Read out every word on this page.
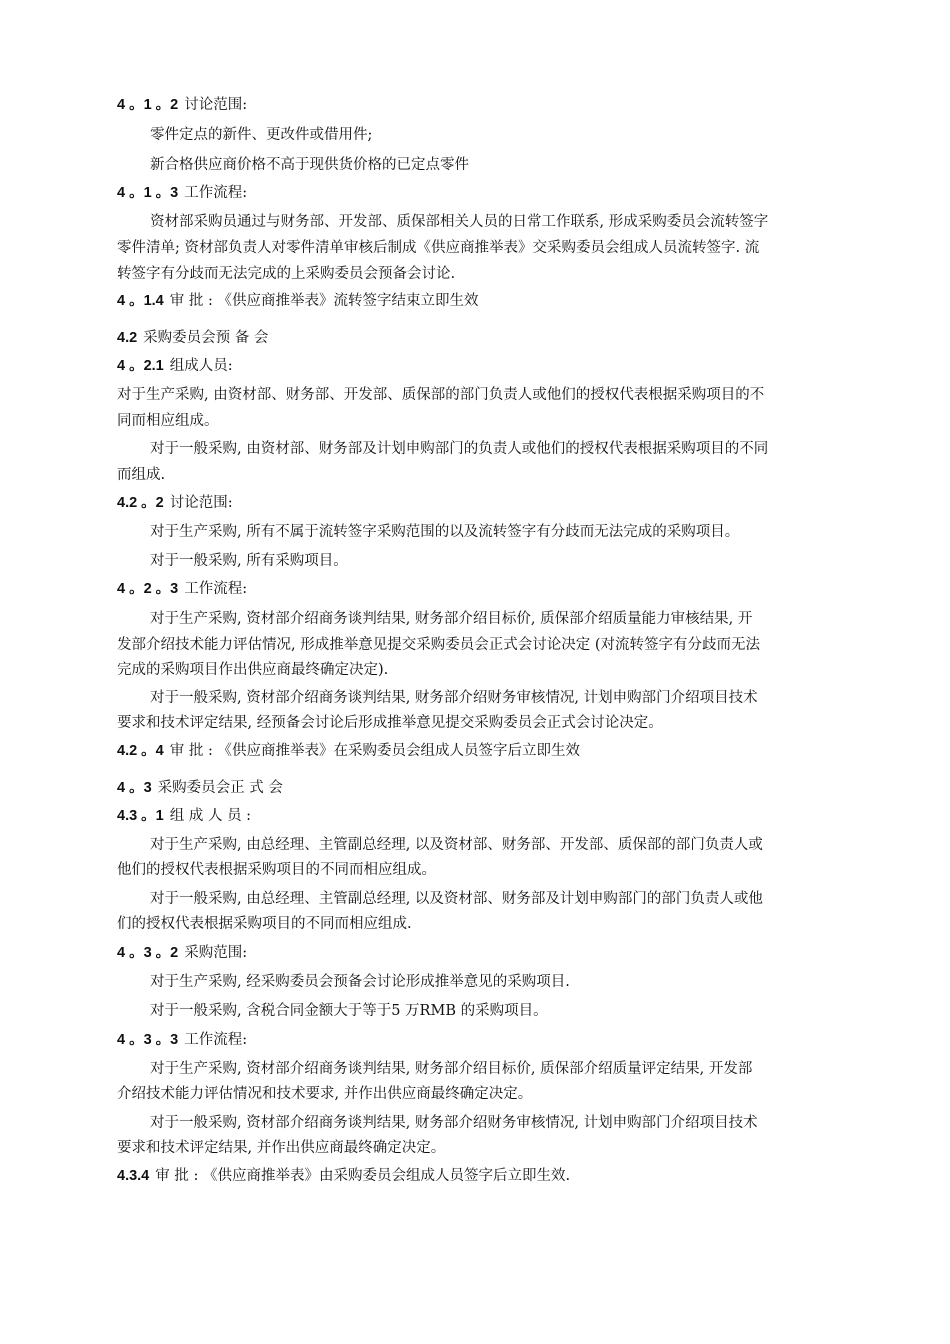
4 。1 。2 讨论范围:
零件定点的新件、更改件或借用件;
新合格供应商价格不高于现供货价格的已定点零件
4 。1 。3 工作流程:
资材部采购员通过与财务部、开发部、质保部相关人员的日常工作联系, 形成采购委员会流转签字
零件清单; 资材部负责人对零件清单审核后制成《供应商推举表》交采购委员会组成人员流转签字. 流
转签字有分歧而无法完成的上采购委员会预备会讨论.
4 。1.4 审 批 : 《供应商推举表》流转签字结束立即生效
4.2 采购委员会预 备 会
4 。2.1 组成人员:
对于生产采购, 由资材部、财务部、开发部、质保部的部门负责人或他们的授权代表根据采购项目的不
同而相应组成。
对于一般采购, 由资材部、财务部及计划申购部门的负责人或他们的授权代表根据采购项目的不同
而组成.
4.2 。2 讨论范围:
对于生产采购, 所有不属于流转签字采购范围的以及流转签字有分歧而无法完成的采购项目。
对于一般采购, 所有采购项目。
4 。2 。3 工作流程:
对于生产采购, 资材部介绍商务谈判结果, 财务部介绍目标价, 质保部介绍质量能力审核结果, 开
发部介绍技术能力评估情况, 形成推举意见提交采购委员会正式会讨论决定 (对流转签字有分歧而无法
完成的采购项目作出供应商最终确定决定).
对于一般采购, 资材部介绍商务谈判结果, 财务部介绍财务审核情况, 计划申购部门介绍项目技术
要求和技术评定结果, 经预备会讨论后形成推举意见提交采购委员会正式会讨论决定。
4.2 。4 审 批 : 《供应商推举表》在采购委员会组成人员签字后立即生效
4 。3 采购委员会正 式 会
4.3 。1 组 成 人 员 :
对于生产采购, 由总经理、主管副总经理, 以及资材部、财务部、开发部、质保部的部门负责人或
他们的授权代表根据采购项目的不同而相应组成。
对于一般采购, 由总经理、主管副总经理, 以及资材部、财务部及计划申购部门的部门负责人或他
们的授权代表根据采购项目的不同而相应组成.
4 。3 。2 采购范围:
对于生产采购, 经采购委员会预备会讨论形成推举意见的采购项目.
对于一般采购, 含税合同金额大于等于5 万RMB 的采购项目。
4 。3 。3 工作流程:
对于生产采购, 资材部介绍商务谈判结果, 财务部介绍目标价, 质保部介绍质量评定结果, 开发部
介绍技术能力评估情况和技术要求, 并作出供应商最终确定决定。
对于一般采购, 资材部介绍商务谈判结果, 财务部介绍财务审核情况, 计划申购部门介绍项目技术
要求和技术评定结果, 并作出供应商最终确定决定。
4.3.4 审 批 : 《供应商推举表》由采购委员会组成人员签字后立即生效.
